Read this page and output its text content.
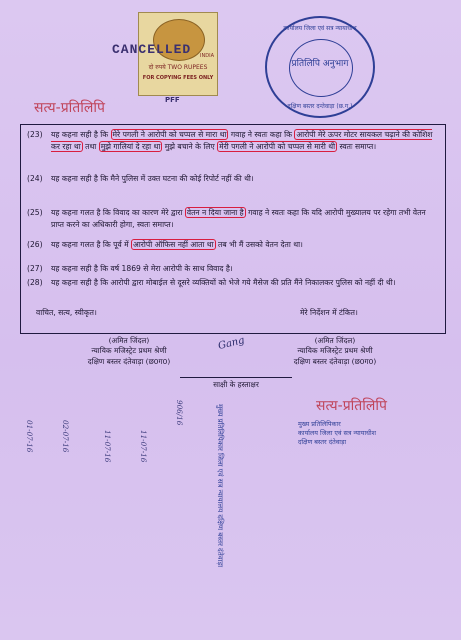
INDIA
दो रुपये TWO RUPEES
FOR COPYING FEES ONLY
CANCELLED
PFF
कार्यालय जिला एवं सत्र न्यायाधीश
प्रतिलिपि अनुभाग
दक्षिण बस्तर दन्तेवाड़ा (छ.ग.)
सत्य-प्रतिलिपि
(23) यह कहना सही है कि मेरे पगली ने आरोपी को चप्पल से मारा था गवाह ने स्वतः कहा कि आरोपी मेरे ऊपर मोटर सायकल चढ़ाने की कोशिश कर रहा था तथा मुझे गालियां दे रहा था मुझे बचाने के लिए मेरी पगली ने आरोपी को चप्पल से मारी थी स्वतः समाप्त।
(24) यह कहना सही है कि मैने पुलिस में उक्त घटना की कोई रिपोर्ट नहीं की थी।
(25) यह कहना गलत है कि विवाद का कारण मेरे द्वारा वेतन न दिया जाना है गवाह ने स्वतः कहा कि यदि आरोपी मुख्यालय पर रहेगा तभी वेतन प्राप्त करने का अधिकारी होगा, स्वतः समाप्त।
(26) यह कहना गलत है कि पूर्व में आरोपी ऑफिस नहीं आता था तब भी मैं उसको वेतन देता था।
(27) यह कहना सही है कि वर्ष 1869 से मेरा आरोपी के साथ विवाद है।
(28) यह कहना सही है कि आरोपी द्वारा मोबाईल से दूसरे व्यक्तियों को भेजे गये मैसेज की प्रति मैंने निकालकर पुलिस को नहीं दी थी।
वाचित, सत्य, स्वीकृत।	मेरे निर्देशन में टंकित।
(अमित जिंदल)
न्यायिक मजिस्ट्रेट प्रथम श्रेणी
दक्षिण बस्तर दंतेवाड़ा (छ0ग0)
Gang	(अमित जिंदल)
न्यायिक मजिस्ट्रेट प्रथम श्रेणी
दक्षिण बस्तर दंतेवाड़ा (छ0ग0)
साक्षी के हस्ताक्षर
सत्य-प्रतिलिपि
मुख्य प्रतिलिपिकार
कार्यालय जिला एवं सत्र न्यायाधीश
दक्षिण बस्तर दंतेवाड़ा
मुख्य प्रतिलिपिकार जिला एवं सत्र न्यायालय दक्षिण बस्तर दंतेवाड़ा
01-07-16	02-07-16	11-07-16	11-07-16
906/16
